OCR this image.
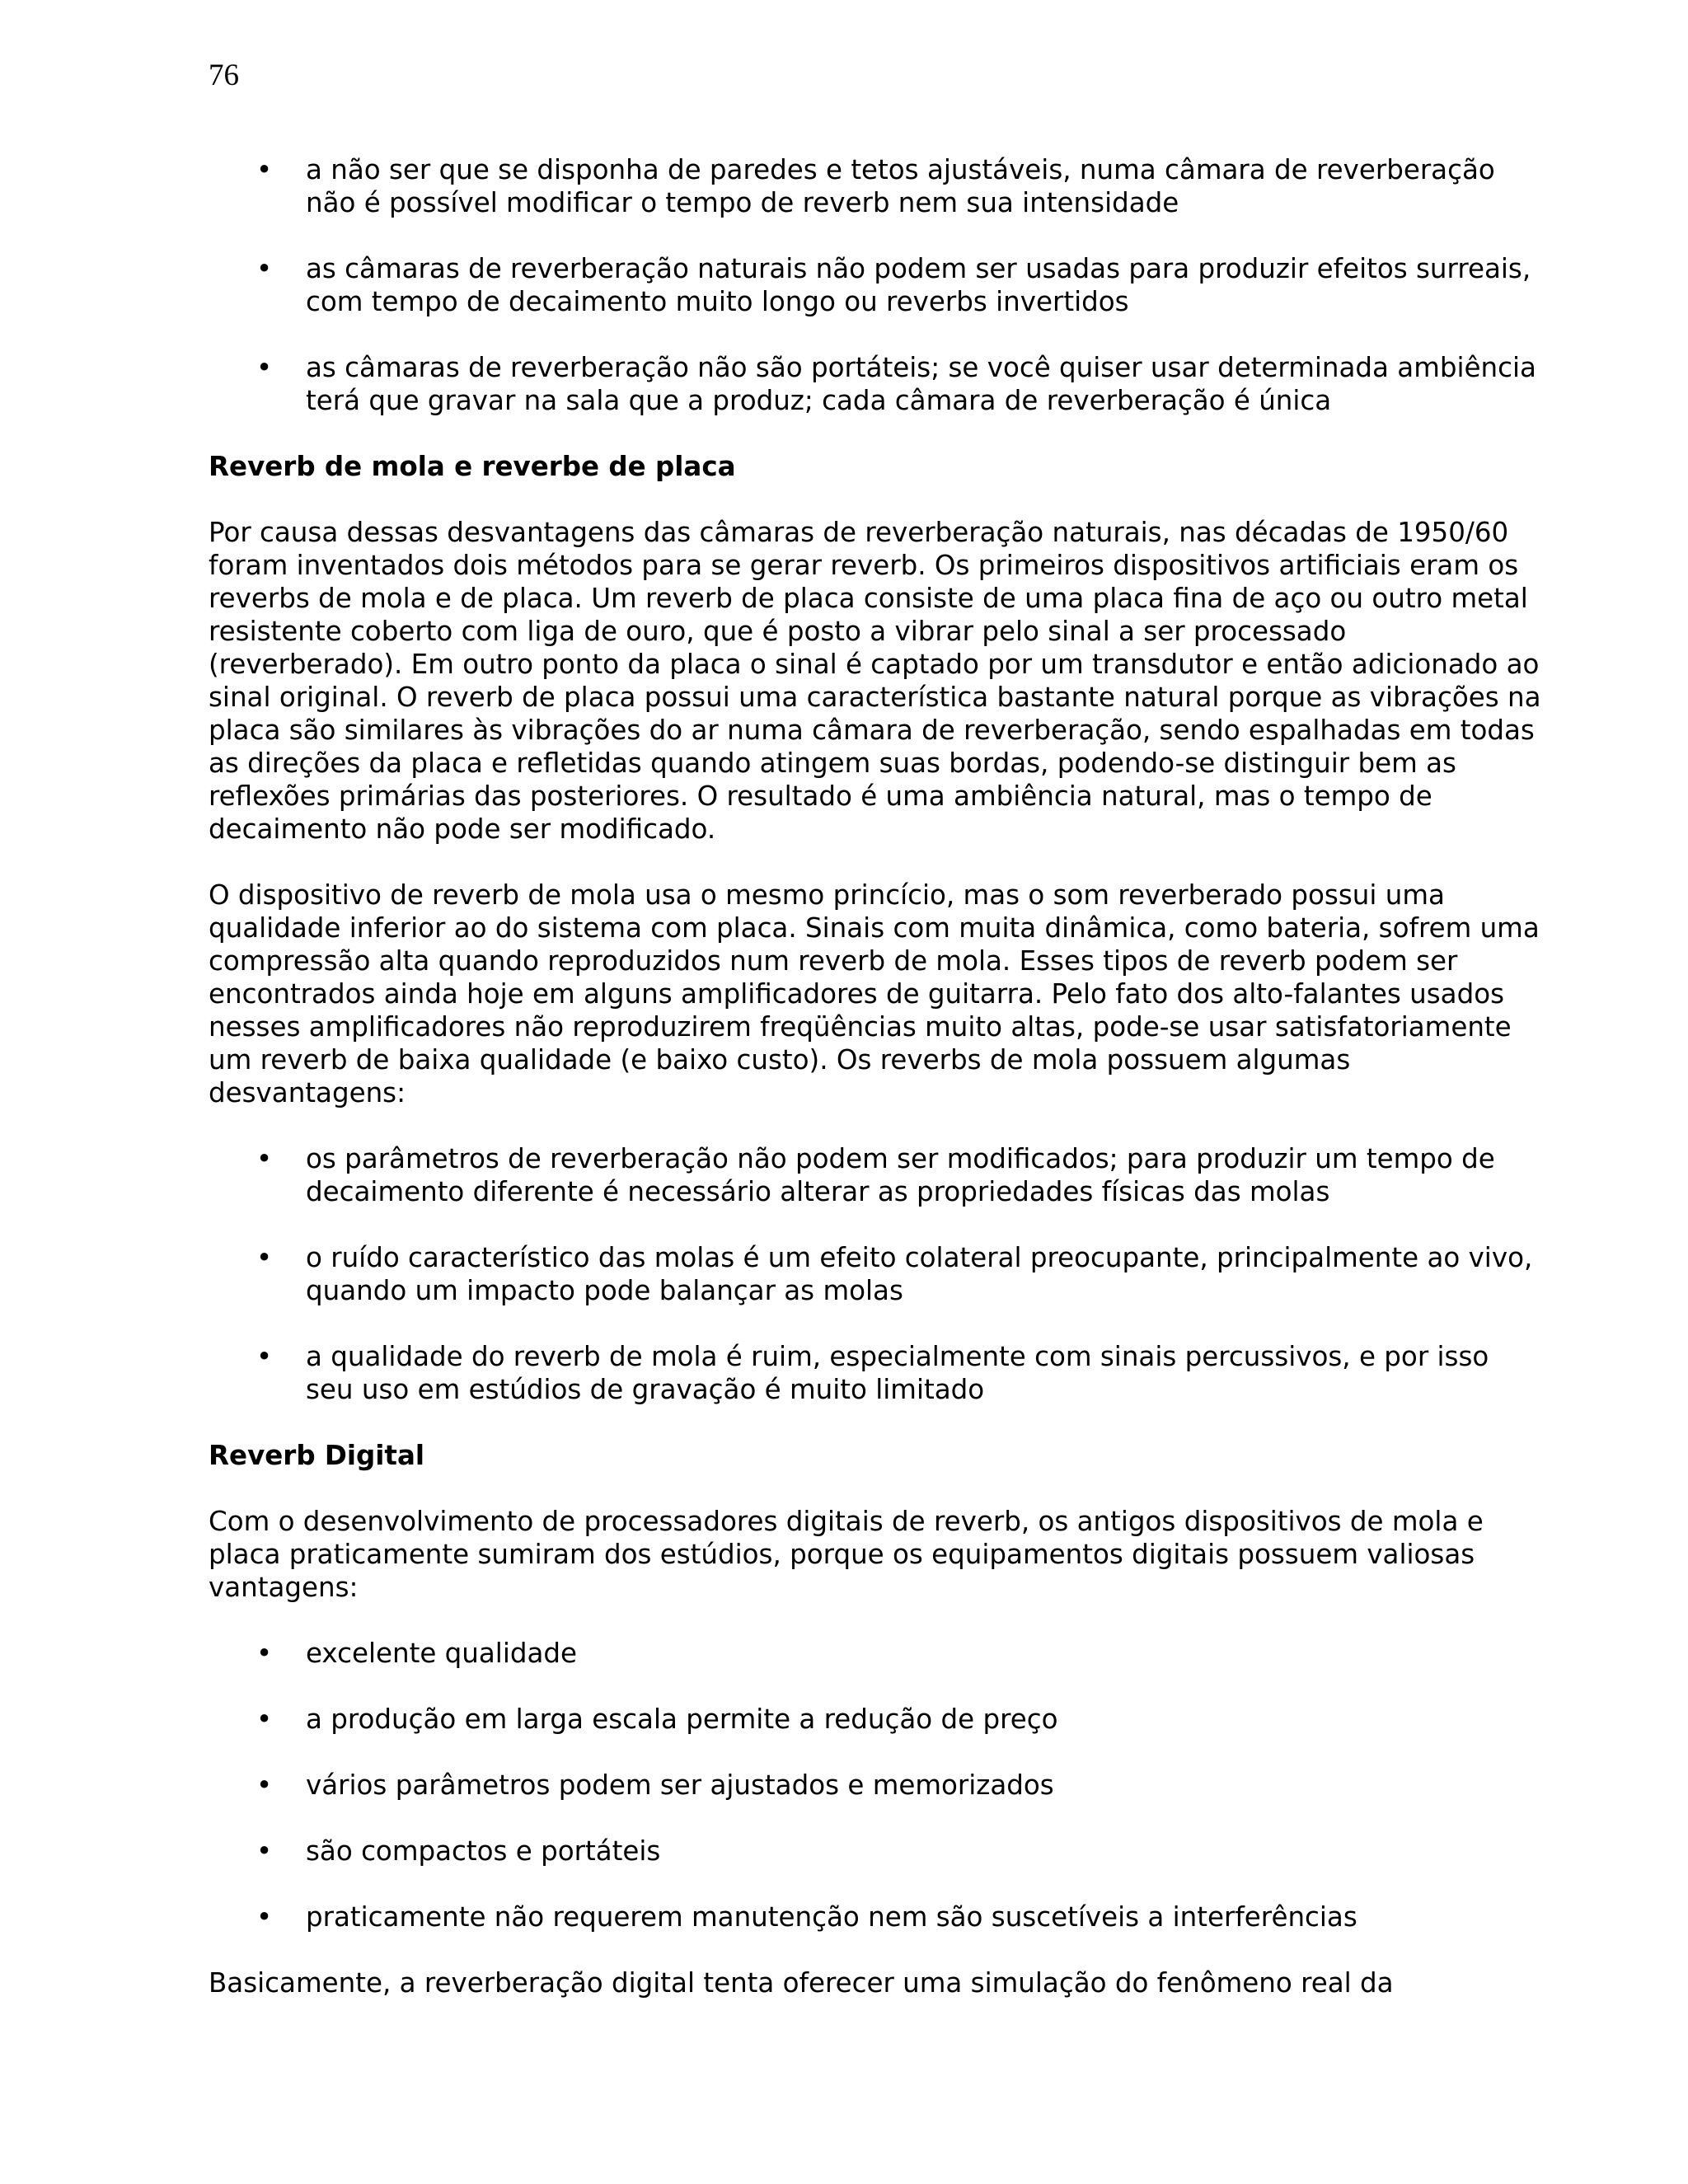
76

• a não ser que se disponha de paredes e tetos ajustáveis, numa câmara de reverberação não é possível modificar o tempo de reverb nem sua intensidade
• as câmaras de reverberação naturais não podem ser usadas para produzir efeitos surreais, com tempo de decaimento muito longo ou reverbs invertidos
• as câmaras de reverberação não são portáteis; se você quiser usar determinada ambiência terá que gravar na sala que a produz; cada câmara de reverberação é única
Reverb de mola e reverbe de placa

Por causa dessas desvantagens das câmaras de reverberação naturais, nas décadas de 1950/60 foram inventados dois métodos para se gerar reverb. Os primeiros dispositivos artificiais eram os reverbs de mola e de placa. Um reverb de placa consiste de uma placa fina de aço ou outro metal resistente coberto com liga de ouro, que é posto a vibrar pelo sinal a ser processado (reverberado). Em outro ponto da placa o sinal é captado por um transdutor e então adicionado ao sinal original. O reverb de placa possui uma característica bastante natural porque as vibrações na placa são similares às vibrações do ar numa câmara de reverberação, sendo espalhadas em todas as direções da placa e refletidas quando atingem suas bordas, podendo-se distinguir bem as reflexões primárias das posteriores. O resultado é uma ambiência natural, mas o tempo de decaimento não pode ser modificado.

O dispositivo de reverb de mola usa o mesmo princício, mas o som reverberado possui uma qualidade inferior ao do sistema com placa. Sinais com muita dinâmica, como bateria, sofrem uma compressão alta quando reproduzidos num reverb de mola. Esses tipos de reverb podem ser encontrados ainda hoje em alguns amplificadores de guitarra. Pelo fato dos alto-falantes usados nesses amplificadores não reproduzirem freqüências muito altas, pode-se usar satisfatoriamente um reverb de baixa qualidade (e baixo custo). Os reverbs de mola possuem algumas desvantagens:

• os parâmetros de reverberação não podem ser modificados; para produzir um tempo de decaimento diferente é necessário alterar as propriedades físicas das molas
• o ruído característico das molas é um efeito colateral preocupante, principalmente ao vivo, quando um impacto pode balançar as molas
• a qualidade do reverb de mola é ruim, especialmente com sinais percussivos, e por isso seu uso em estúdios de gravação é muito limitado
Reverb Digital

Com o desenvolvimento de processadores digitais de reverb, os antigos dispositivos de mola e placa praticamente sumiram dos estúdios, porque os equipamentos digitais possuem valiosas vantagens:

• excelente qualidade
• a produção em larga escala permite a redução de preço
• vários parâmetros podem ser ajustados e memorizados
• são compactos e portáteis
• praticamente não requerem manutenção nem são suscetíveis a interferências

Basicamente, a reverberação digital tenta oferecer uma simulação do fenômeno real da
